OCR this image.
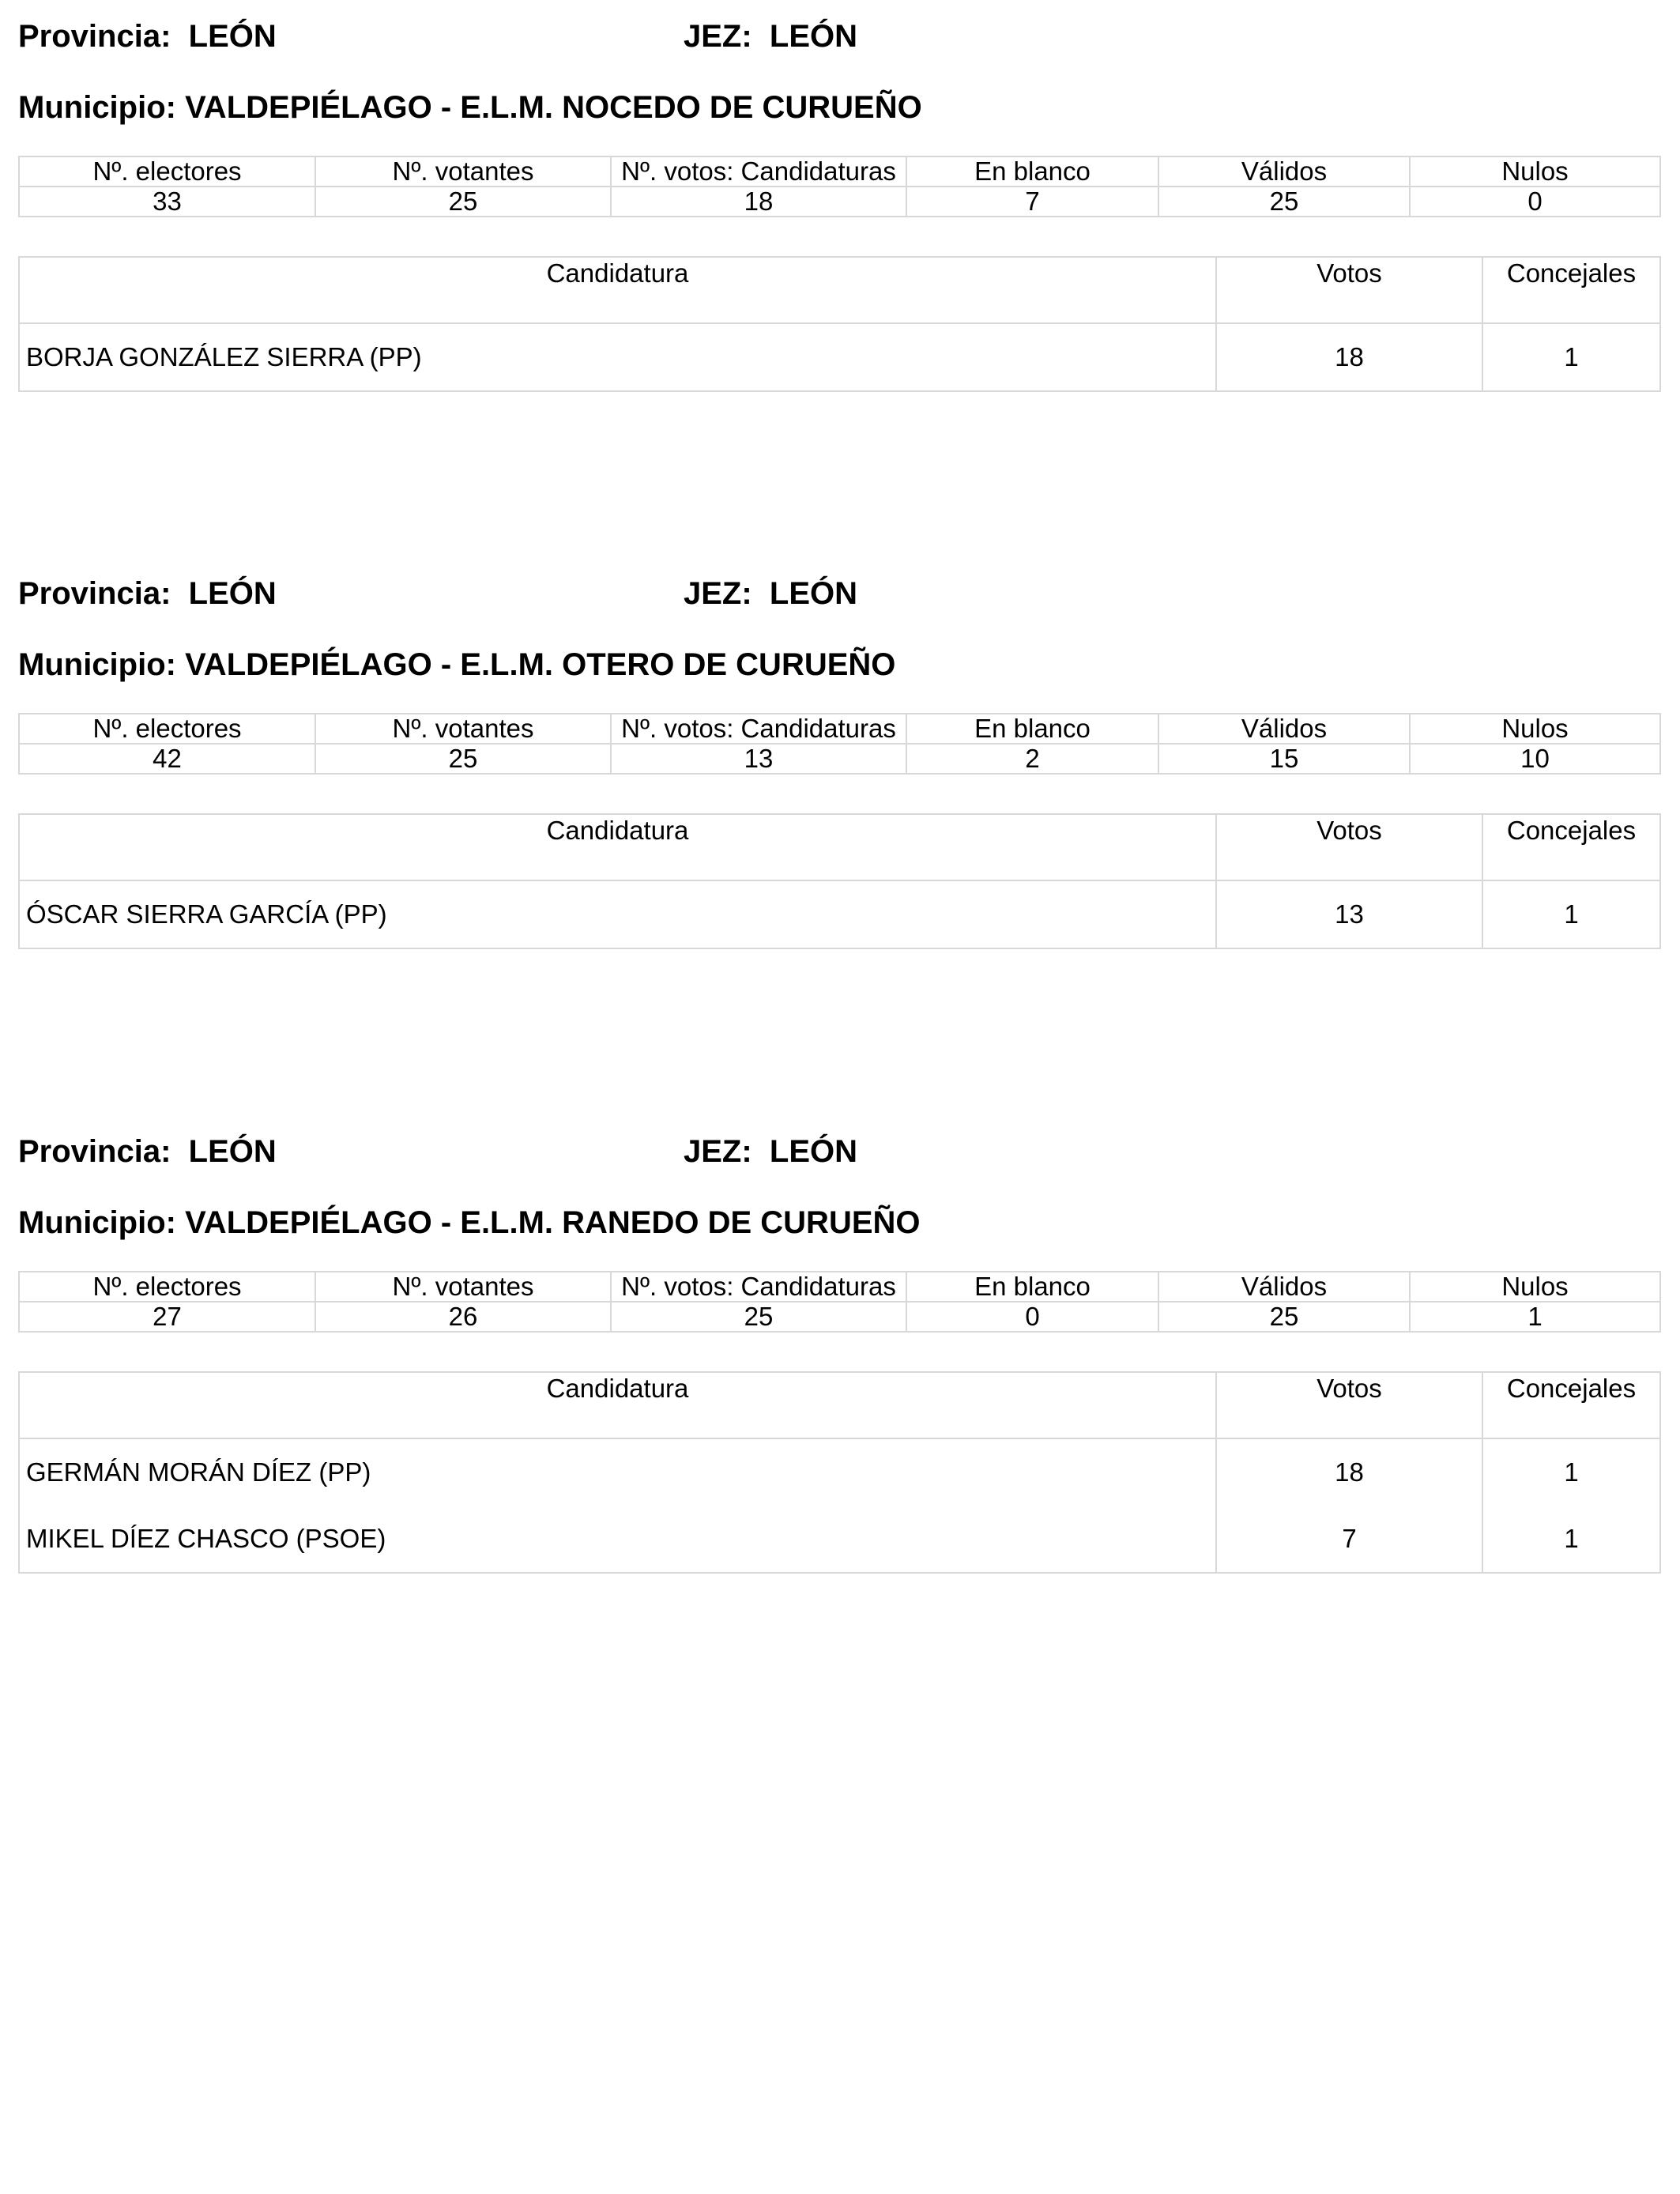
Provincia: LEÓN	JEZ: LEÓN
Municipio: VALDEPIÉLAGO - E.L.M. NOCEDO DE CURUEÑO
Nº. electores	Nº. votantes	Nº. votos: Candidaturas	En blanco	Válidos	Nulos
33	25	18	7	25	0
Candidatura	Votos	Concejales
BORJA GONZÁLEZ SIERRA (PP)	18	1
Provincia: LEÓN	JEZ: LEÓN
Municipio: VALDEPIÉLAGO - E.L.M. OTERO DE CURUEÑO
Nº. electores	Nº. votantes	Nº. votos: Candidaturas	En blanco	Válidos	Nulos
42	25	13	2	15	10
Candidatura	Votos	Concejales
ÓSCAR SIERRA GARCÍA (PP)	13	1
Provincia: LEÓN	JEZ: LEÓN
Municipio: VALDEPIÉLAGO - E.L.M. RANEDO DE CURUEÑO
Nº. electores	Nº. votantes	Nº. votos: Candidaturas	En blanco	Válidos	Nulos
27	26	25	0	25	1
Candidatura	Votos	Concejales
GERMÁN MORÁN DÍEZ (PP)	18	1
MIKEL DÍEZ CHASCO (PSOE)	7	1
